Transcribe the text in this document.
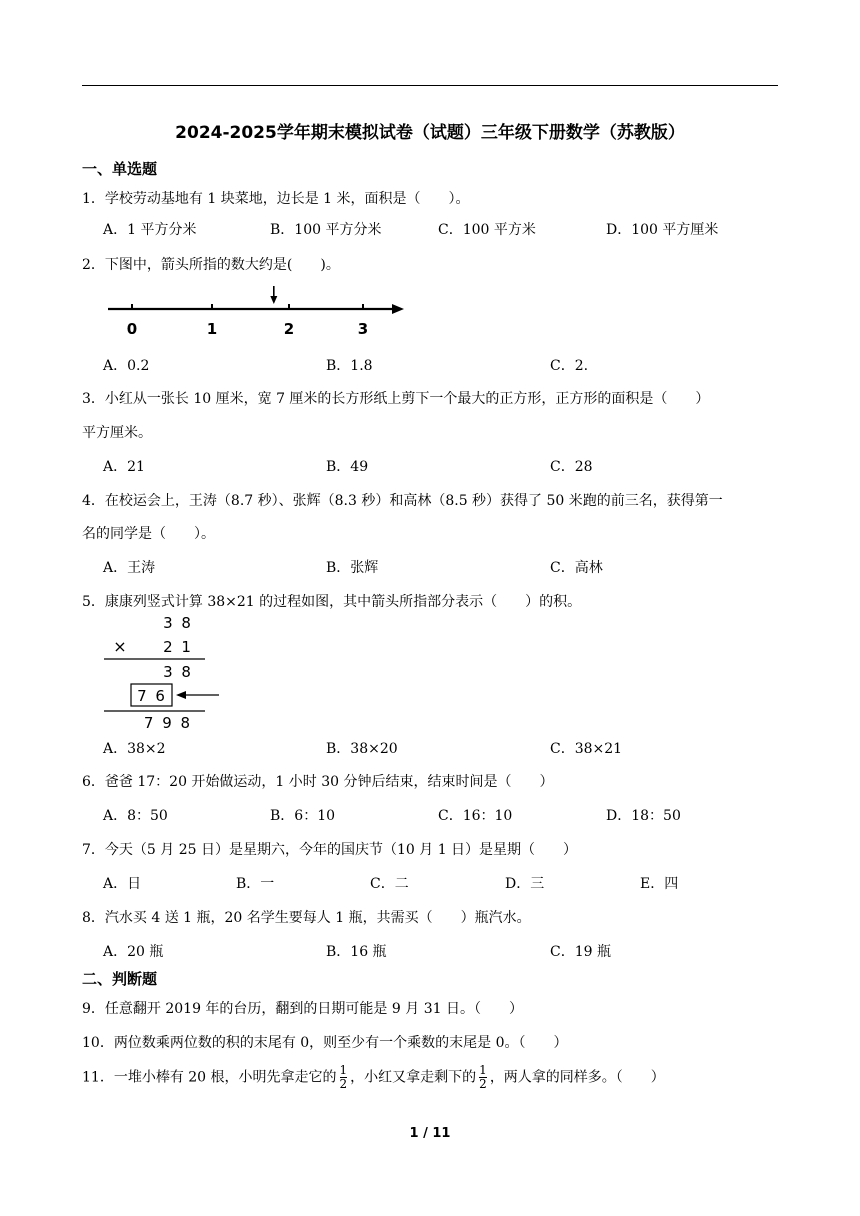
2024-2025学年期末模拟试卷（试题）三年级下册数学（苏教版）
一、单选题
1．学校劳动基地有 1 块菜地，边长是 1 米，面积是（　　）。
A．1 平方分米	B．100 平方分米	C．100 平方米	D．100 平方厘米
2．下图中，箭头所指的数大约是(　　)。
0	1	2	3
A．0.2	B．1.8	C．2.
3．小红从一张长 10 厘米，宽 7 厘米的长方形纸上剪下一个最大的正方形，正方形的面积是（　　）
平方厘米。
A．21	B．49	C．28
4．在校运会上，王涛（8.7 秒）、张辉（8.3 秒）和高林（8.5 秒）获得了 50 米跑的前三名，获得第一
名的同学是（　　）。
A．王涛	B．张辉	C．高林
5．康康列竖式计算 38×21 的过程如图，其中箭头所指部分表示（　　）的积。
3 8
× 2 1
3 8
7 6
7 9 8
A．38×2	B．38×20	C．38×21
6．爸爸 17：20 开始做运动，1 小时 30 分钟后结束，结束时间是（　　）
A．8：50	B．6：10	C．16：10	D．18：50
7．今天（5 月 25 日）是星期六，今年的国庆节（10 月 1 日）是星期（　　）
A．日	B．一	C．二	D．三	E．四
8．汽水买 4 送 1 瓶，20 名学生要每人 1 瓶，共需买（　　）瓶汽水。
A．20 瓶	B．16 瓶	C．19 瓶
二、判断题
9．任意翻开 2019 年的台历，翻到的日期可能是 9 月 31 日。（　　）
10．两位数乘两位数的积的末尾有 0，则至少有一个乘数的末尾是 0。（　　）
11．一堆小棒有 20 根，小明先拿走它的 $\frac{1}{2}$ ，小红又拿走剩下的 $\frac{1}{2}$ ，两人拿的同样多。（　　）
1 / 11
